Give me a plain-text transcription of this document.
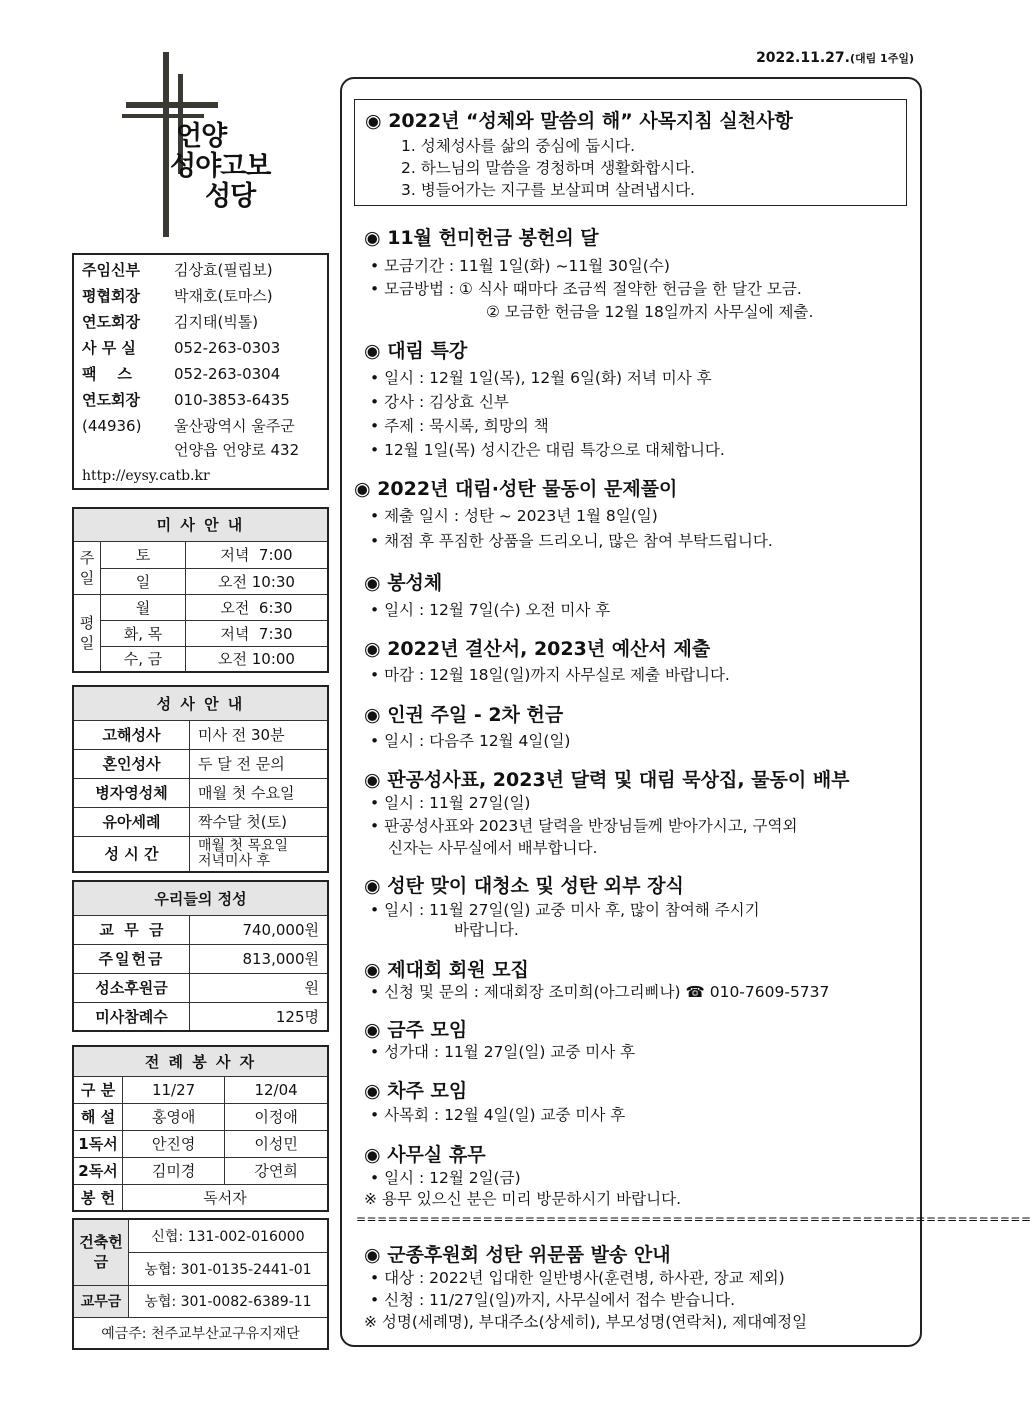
2022.11.27.(대림 1주일)
언양
성야고보
성당
주임신부 김상효(필립보)
평협회장 박재호(토마스)
연도회장 김지태(빅톨)
사 무 실	052-263-0303
팩    스	052-263-0304
연도회장 010-3853-6435
(44936) 울산광역시 울주군
언양읍 언양로 432
http://eysy.catb.kr
미 사 안 내		
주일	토	저녁  7:00
	일	오전 10:30
평일	월	오전  6:30
	화, 목	저녁  7:30
	수, 금	오전 10:00
성 사 안 내	
고해성사	미사 전 30분
혼인성사	두 달 전 문의
병자영성체	매월 첫 수요일
유아세례	짝수달 첫(토)
성 시 간	매월 첫 목요일
저녁미사 후
우리들의 정성	
교  무  금	740,000원
주일헌금	813,000원
성소후원금	원
미사참례수	125명
전 례 봉 사 자		
구 분	11/27	12/04
해 설	홍영애	이정애
1독서	안진영	이성민
2독서	김미경	강연희
봉 헌	독서자	
건축헌금	신협: 131-002-016000
	농협: 301-0135-2441-01
교무금	농협: 301-0082-6389-11
예금주: 천주교부산교구유지재단	
◉ 2022년 “성체와 말씀의 해” 사목지침 실천사항
1. 성체성사를 삶의 중심에 둡시다.
2. 하느님의 말씀을 경청하며 생활화합시다.
3. 병들어가는 지구를 보살피며 살려냅시다.
◉ 11월 헌미헌금 봉헌의 달
• 모금기간 : 11월 1일(화) ~11월 30일(수)
• 모금방법 : ① 식사 때마다 조금씩 절약한 헌금을 한 달간 모금.
② 모금한 헌금을 12월 18일까지 사무실에 제출.
◉ 대림 특강
• 일시 : 12월 1일(목), 12월 6일(화) 저녁 미사 후
• 강사 : 김상효 신부
• 주제 : 묵시록, 희망의 책
• 12월 1일(목) 성시간은 대림 특강으로 대체합니다.
◉ 2022년 대림·성탄 물동이 문제풀이
• 제출 일시 : 성탄 ~ 2023년 1월 8일(일)
• 채점 후 푸짐한 상품을 드리오니, 많은 참여 부탁드립니다.
◉ 봉성체
• 일시 : 12월 7일(수) 오전 미사 후
◉ 2022년 결산서, 2023년 예산서 제출
• 마감 : 12월 18일(일)까지 사무실로 제출 바랍니다.
◉ 인권 주일 - 2차 헌금
• 일시 : 다음주 12월 4일(일)
◉ 판공성사표, 2023년 달력 및 대림 묵상집, 물동이 배부
• 일시 : 11월 27일(일)
• 판공성사표와 2023년 달력을 반장님들께 받아가시고, 구역외
신자는 사무실에서 배부합니다.
◉ 성탄 맞이 대청소 및 성탄 외부 장식
• 일시 : 11월 27일(일) 교중 미사 후, 많이 참여해 주시기
바랍니다.
◉ 제대회 회원 모집
• 신청 및 문의 : 제대회장 조미희(아그리삐나) ☎ 010-7609-5737
◉ 금주 모임
• 성가대 : 11월 27일(일) 교중 미사 후
◉ 차주 모임
• 사목회 : 12월 4일(일) 교중 미사 후
◉ 사무실 휴무
• 일시 : 12월 2일(금)
※ 용무 있으신 분은 미리 방문하시기 바랍니다.
================================================================
◉ 군종후원회 성탄 위문품 발송 안내
• 대상 : 2022년 입대한 일반병사(훈련병, 하사관, 장교 제외)
• 신청 : 11/27일(일)까지, 사무실에서 접수 받습니다.
※ 성명(세례명), 부대주소(상세히), 부모성명(연락처), 제대예정일
